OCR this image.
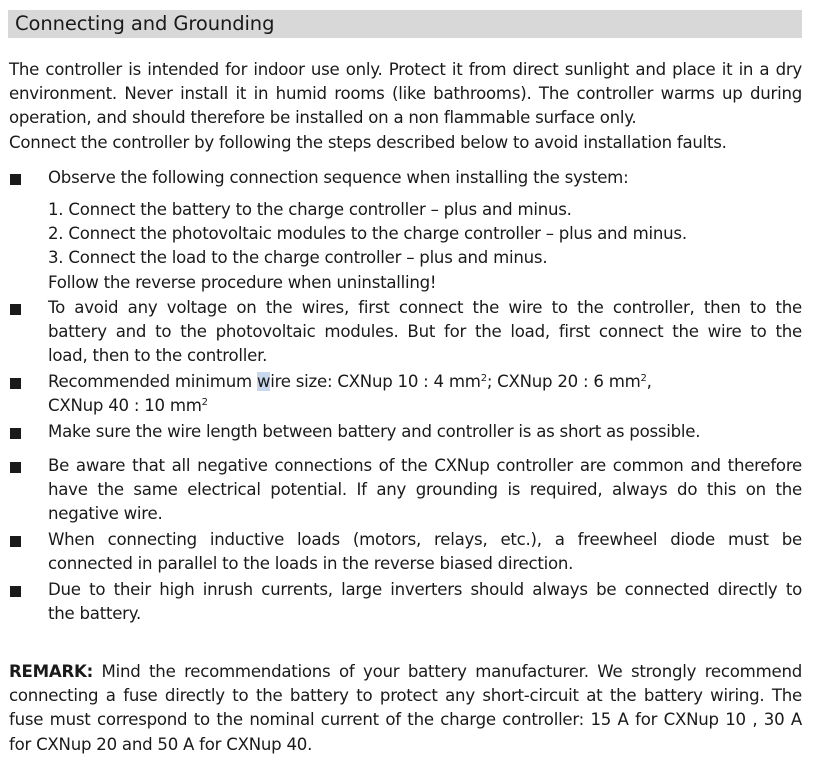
Connecting and Grounding
The controller is intended for indoor use only. Protect it from direct sunlight and place it in a dry
environment. Never install it in humid rooms (like bathrooms). The controller warms up during
operation, and should therefore be installed on a non flammable surface only.
Connect the controller by following the steps described below to avoid installation faults.
Observe the following connection sequence when installing the system:
1. Connect the battery to the charge controller – plus and minus.
2. Connect the photovoltaic modules to the charge controller – plus and minus.
3. Connect the load to the charge controller – plus and minus.
Follow the reverse procedure when uninstalling!
To avoid any voltage on the wires, first connect the wire to the controller, then to the
battery and to the photovoltaic modules. But for the load, first connect the wire to the
load, then to the controller.
Recommended minimum wire size: CXNup 10 : 4 $mm^2$; CXNup 20 : 6 $mm^2$,
CXNup 40 : 10 $mm^2$
Make sure the wire length between battery and controller is as short as possible.
Be aware that all negative connections of the CXNup controller are common and therefore
have the same electrical potential. If any grounding is required, always do this on the
negative wire.
When connecting inductive loads (motors, relays, etc.), a freewheel diode must be
connected in parallel to the loads in the reverse biased direction.
Due to their high inrush currents, large inverters should always be connected directly to
the battery.
REMARK: Mind the recommendations of your battery manufacturer. We strongly recommend
connecting a fuse directly to the battery to protect any short-circuit at the battery wiring. The
fuse must correspond to the nominal current of the charge controller: 15 A for CXNup 10 , 30 A
for CXNup 20 and 50 A for CXNup 40.
